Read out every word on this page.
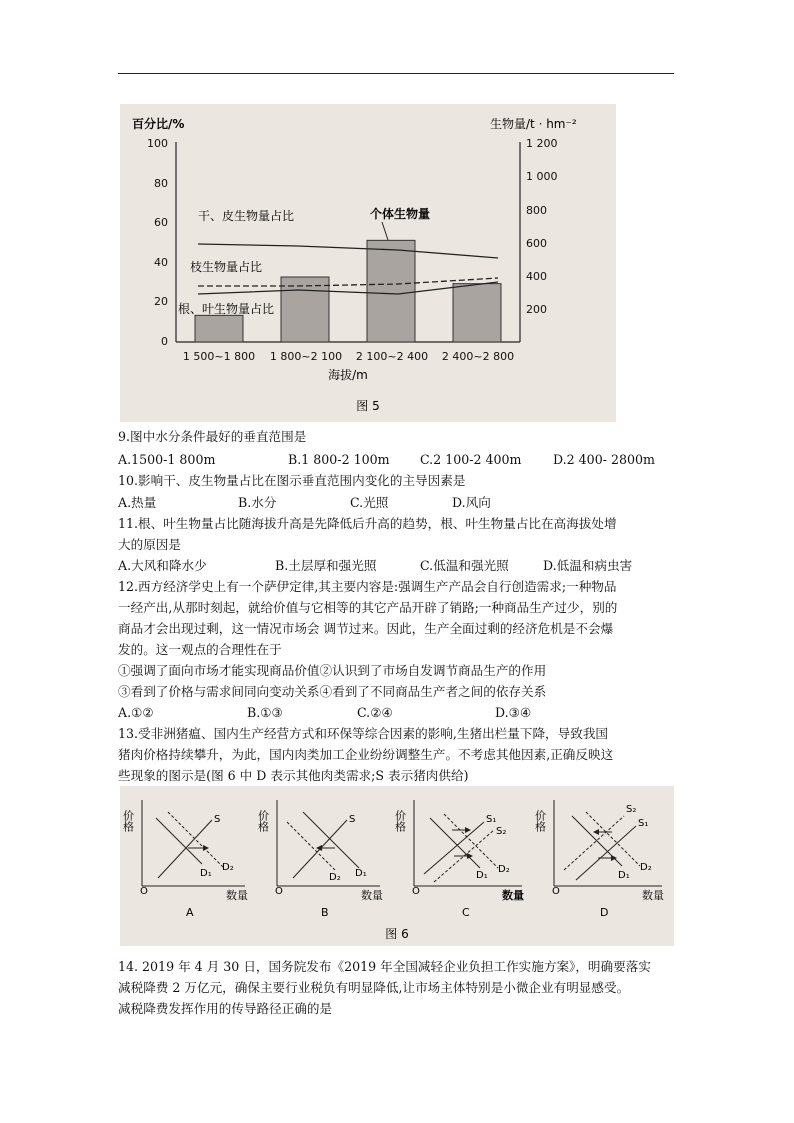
百分比/%	生物量/t · hm⁻²
100
80
60
40
20
0
1 200
1 000
800
600
400
200
1 500~1 800 1 800~2 100 2 100~2 400 2 400~2 800
海拔/m
干、皮生物量占比
枝生物量占比
根、叶生物量占比
个体生物量
图 5
9.图中水分条件最好的垂直范围是
A.1500-1 800m	B.1 800-2 100m C.2 100-2 400m	D.2 400- 2800m
10.影响干、皮生物量占比在图示垂直范围内变化的主导因素是
A.热量	B.水分	C.光照	D.风向
11.根、叶生物量占比随海拔升高是先降低后升高的趋势，根、叶生物量占比在高海拔处增
大的原因是
A.大风和降水少	B.土层厚和强光照	C.低温和强光照	D.低温和病虫害
12.西方经济学史上有一个萨伊定律,其主要内容是:强调生产产品会自行创造需求;一种物品
一经产出,从那时刻起，就给价值与它相等的其它产品开辟了销路;一种商品生产过少，别的
商品才会出现过剩，这一情况市场会 调节过来。因此，生产全面过剩的经济危机是不会爆
发的。这一观点的合理性在于
①强调了面向市场才能实现商品价值②认识到了市场自发调节商品生产的作用
③看到了价格与需求间同向变动关系④看到了不同商品生产者之间的依存关系
A.①②	B.①③	C.②④	D.③④
13.受非洲猪瘟、国内生产经营方式和环保等综合因素的影响,生猪出栏量下降，导致我国
猪肉价格持续攀升，为此，国内肉类加工企业纷纷调整生产。不考虑其他因素,正确反映这
些现象的图示是(图 6 中 D 表示其他肉类需求;S 表示猪肉供给)
价格
O	数量
S
D₁
D₂
A
价格
O	数量
S
D₁
D₂
B
价格
O	数量
S₁
S₂
D₁
D₂
C
价格
O	数量
S₂
S₁
D₁
D₂
D
图 6
14. 2019 年 4 月 30 日，国务院发布《2019 年全国减轻企业负担工作实施方案》，明确要落实
减税降费 2 万亿元，确保主要行业税负有明显降低,让市场主体特别是小微企业有明显感受。
减税降费发挥作用的传导路径正确的是
